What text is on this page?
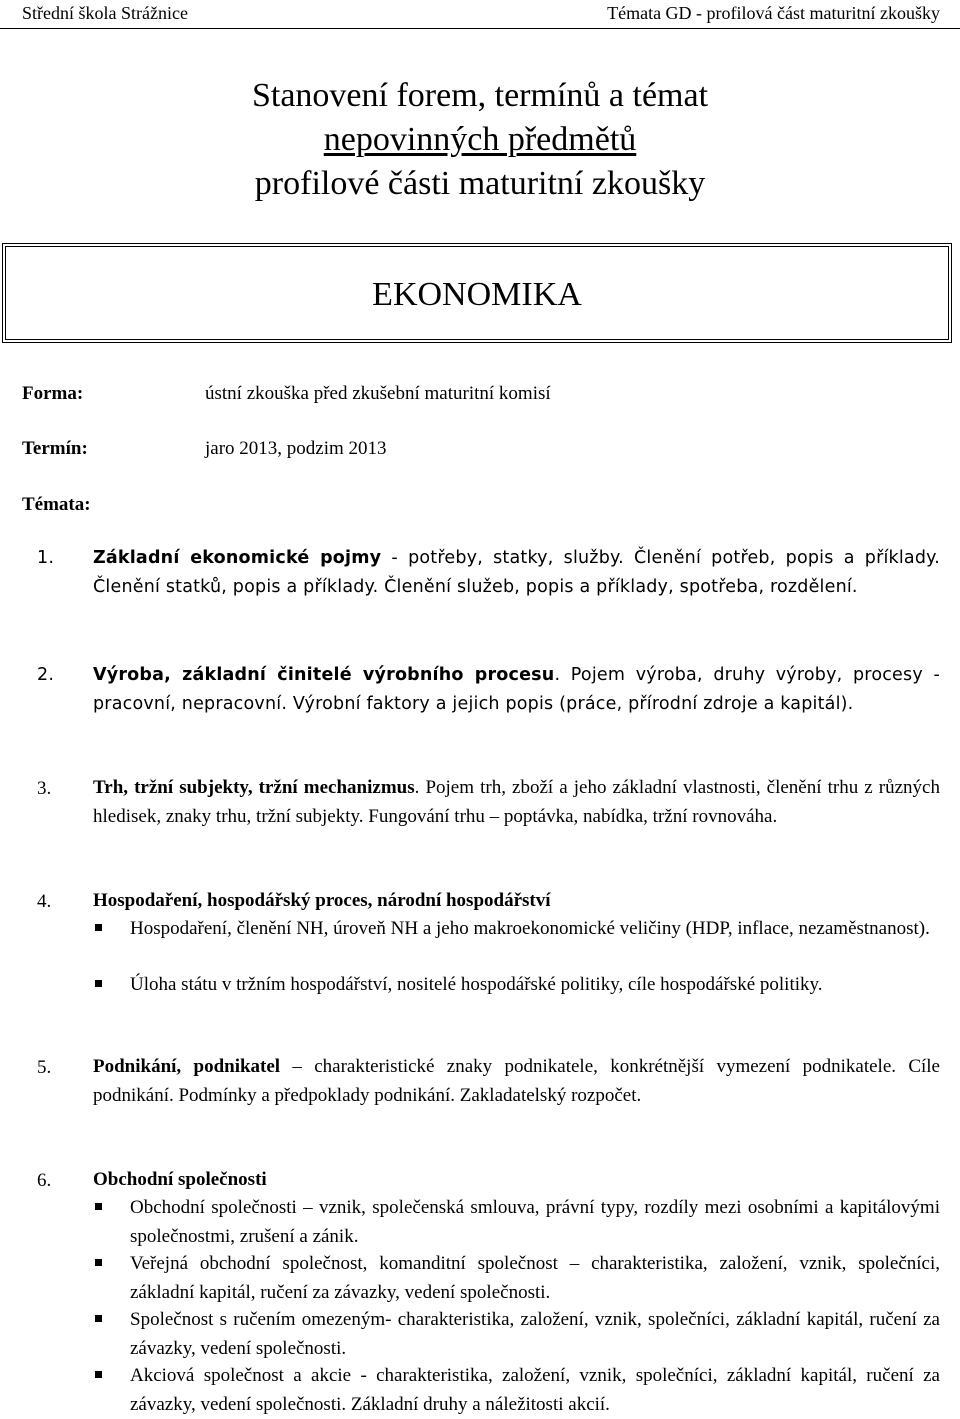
Střední škola Strážnice	Témata GD - profilová část maturitní zkoušky
Stanovení forem, termínů a témat
nepovinných předmětů
profilové části maturitní zkoušky
EKONOMIKA
Forma:	ústní zkouška před zkušební maturitní komisí
Termín:	jaro 2013, podzim 2013
Témata:
1. Základní ekonomické pojmy - potřeby, statky, služby. Členění potřeb, popis a příklady. Členění statků, popis a příklady. Členění služeb, popis a příklady, spotřeba, rozdělení.
2. Výroba, základní činitelé výrobního procesu. Pojem výroba, druhy výroby, procesy - pracovní, nepracovní. Výrobní faktory a jejich popis (práce, přírodní zdroje a kapitál).
3. Trh, tržní subjekty, tržní mechanizmus. Pojem trh, zboží a jeho základní vlastnosti, členění trhu z různých hledisek, znaky trhu, tržní subjekty. Fungování trhu – poptávka, nabídka, tržní rovnováha.
4. Hospodaření, hospodářský proces, národní hospodářství
Hospodaření, členění NH, úroveň NH a jeho makroekonomické veličiny (HDP, inflace, nezaměstnanost).
Úloha státu v tržním hospodářství, nositelé hospodářské politiky, cíle hospodářské politiky.
5. Podnikání, podnikatel – charakteristické znaky podnikatele, konkrétnější vymezení podnikatele. Cíle podnikání. Podmínky a předpoklady podnikání. Zakladatelský rozpočet.
6. Obchodní společnosti
Obchodní společnosti – vznik, společenská smlouva, právní typy, rozdíly mezi osobními a kapitálovými společnostmi, zrušení a zánik.
Veřejná obchodní společnost, komanditní společnost – charakteristika, založení, vznik, společníci, základní kapitál, ručení za závazky, vedení společnosti.
Společnost s ručením omezeným- charakteristika, založení, vznik, společníci, základní kapitál, ručení za závazky, vedení společnosti.
Akciová společnost a akcie - charakteristika, založení, vznik, společníci, základní kapitál, ručení za závazky, vedení společnosti. Základní druhy a náležitosti akcií.
